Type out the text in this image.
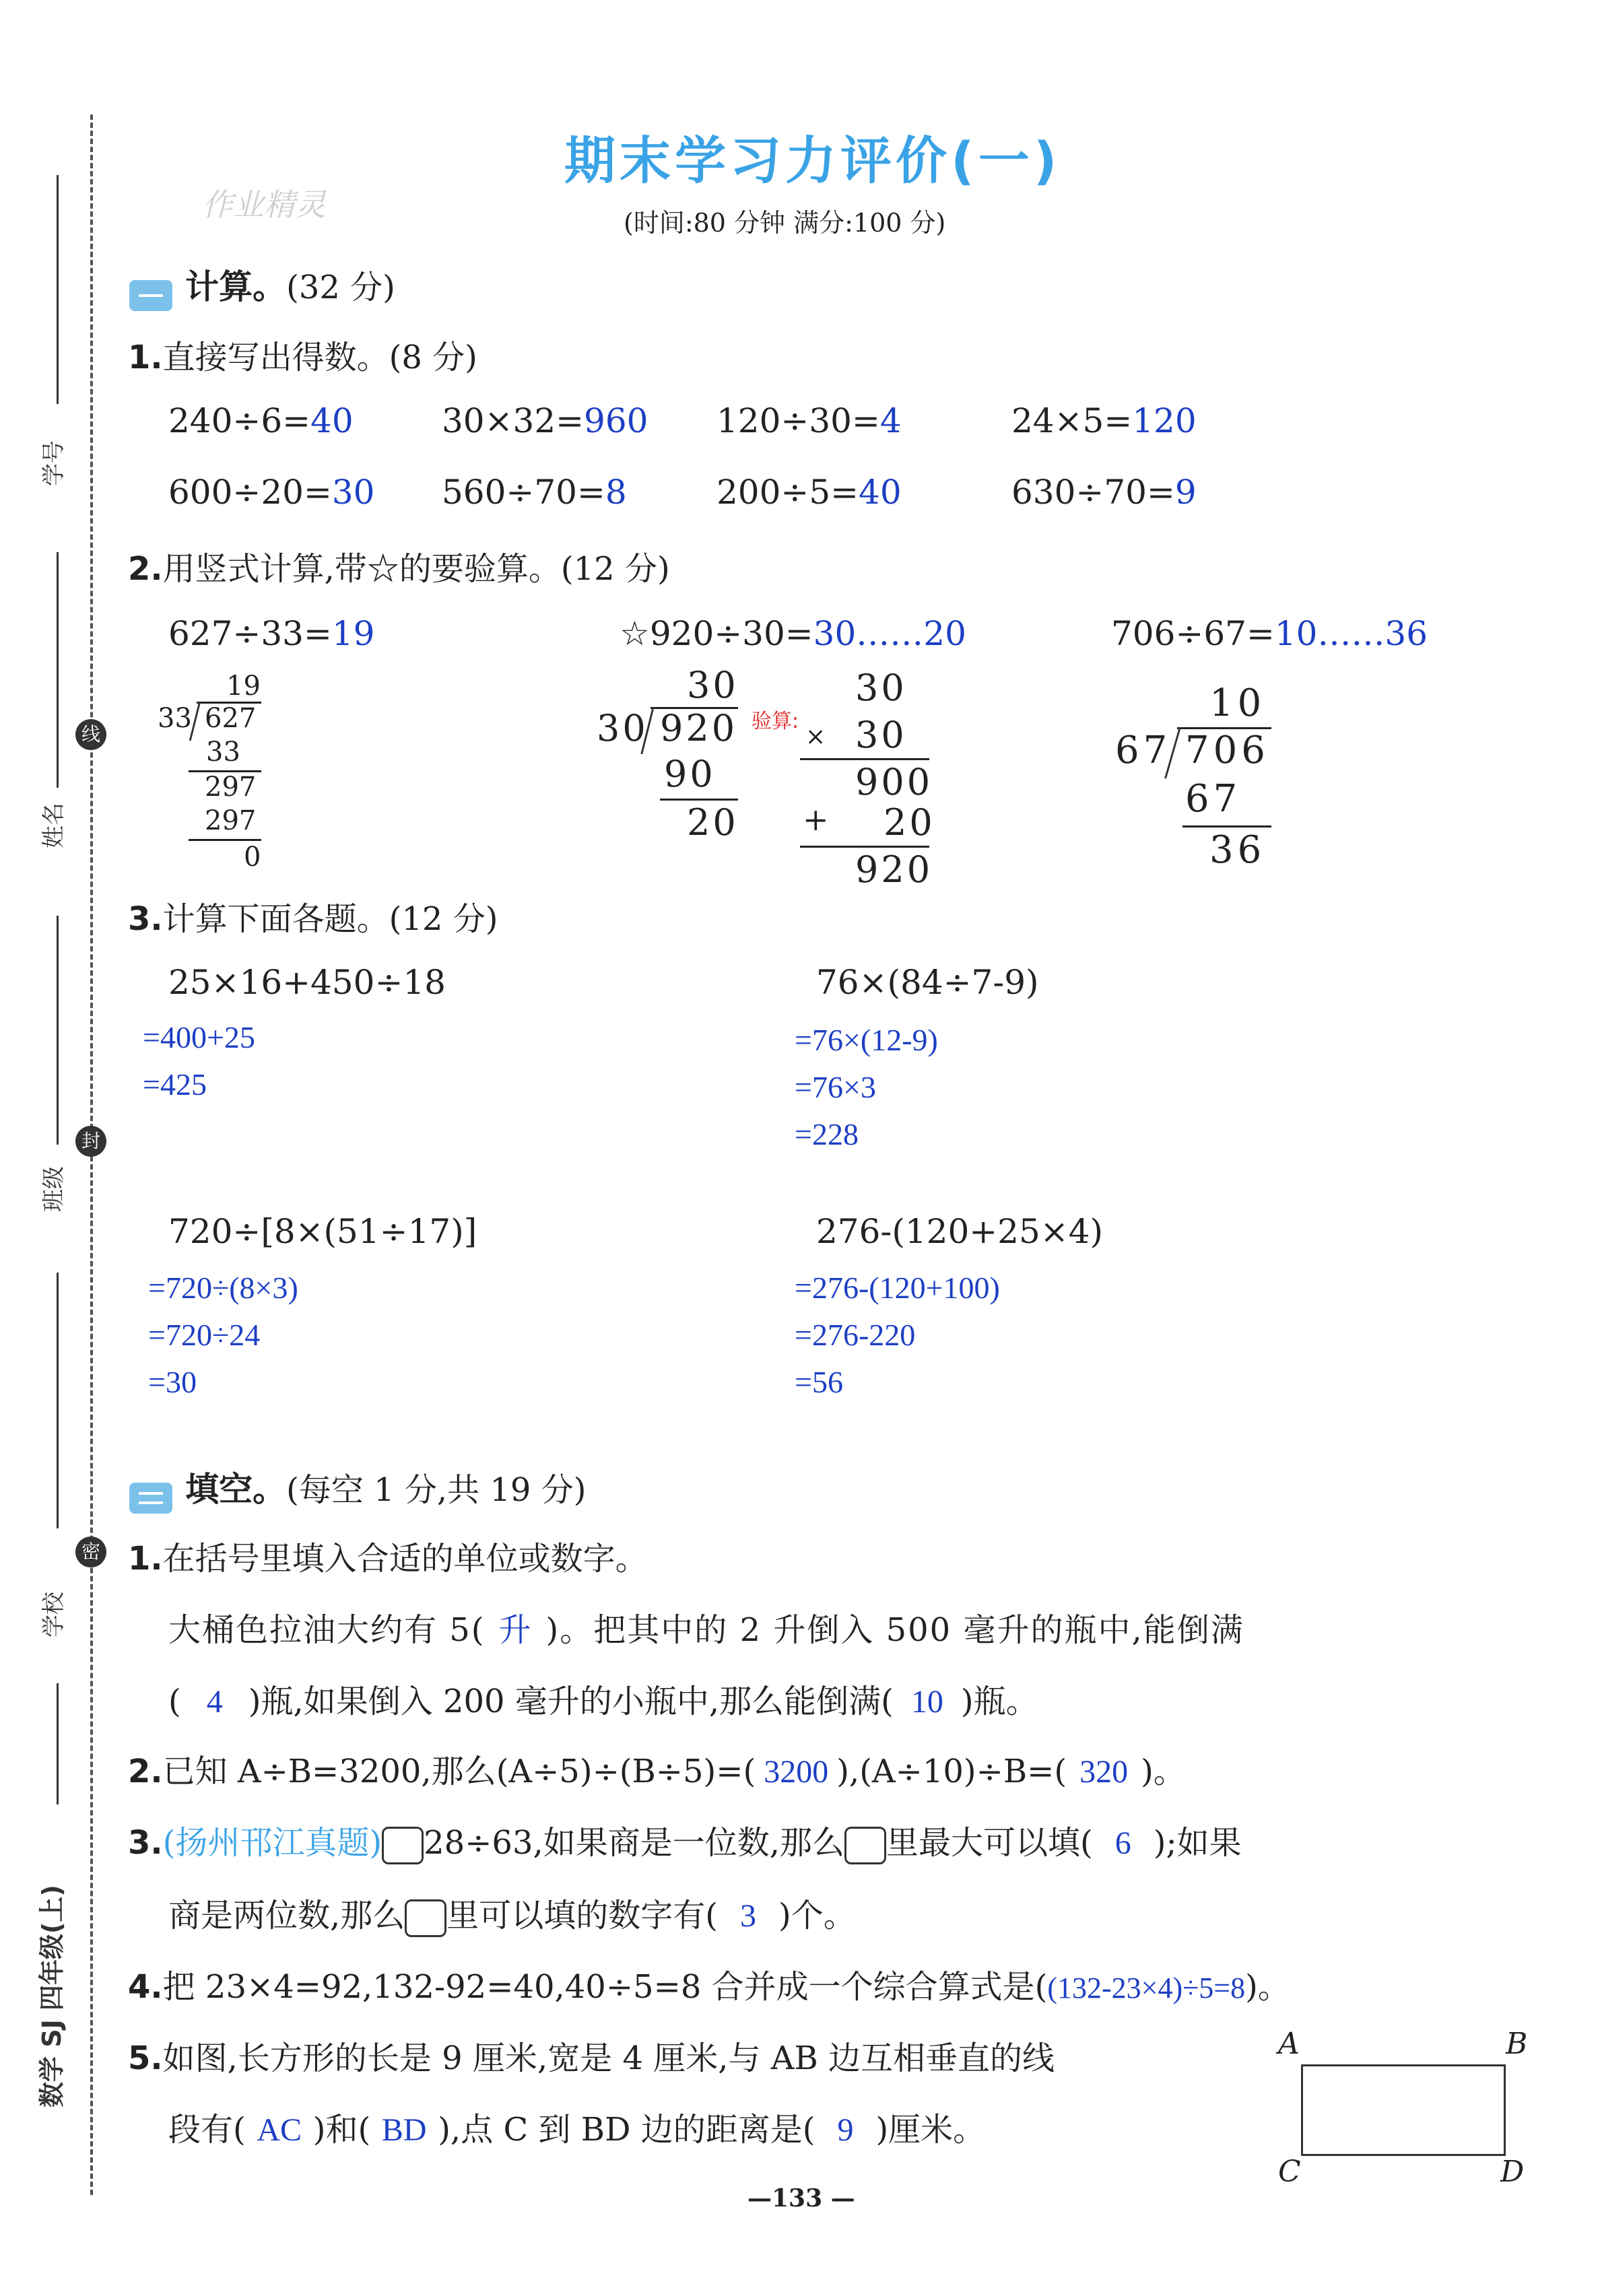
学号
线
姓名
封
班级
密
学校
数学 SJ 四年级(上)
期末学习力评价(一)
(时间:80 分钟 满分:100 分)
作业精灵
计算。(32 分)
1.直接写出得数。(8 分)
240÷6=40	30×32=960 120÷30=4	24×5=120
600÷20=30 560÷70=8	200÷5=40	630÷70=9
2.用竖式计算,带☆的要验算。(12 分)
627÷33=19	☆920÷30=30……20	706÷67=10……36
19
33 627
33
297
297
0
30
30 920
90
20
验算:
30
× 30
900
+ 20
920
10
67 706
67
36
3.计算下面各题。(12 分)
25×16+450÷18
=400+25
=425
76×(84÷7-9)
=76×(12-9)
=76×3
=228
720÷[8×(51÷17)]
=720÷(8×3)
=720÷24
=30
276-(120+25×4)
=276-(120+100)
=276-220
=56
填空。(每空 1 分,共 19 分)
1.在括号里填入合适的单位或数字。
大桶色拉油大约有 5( 升 )。把其中的 2 升倒入 500 毫升的瓶中,能倒满
( 4 )瓶,如果倒入 200 毫升的小瓶中,那么能倒满( 10 )瓶。
2.已知 A÷B=3200,那么(A÷5)÷(B÷5)=( 3200 ),(A÷10)÷B=( 320 )。
3.(扬州邗江真题) 28÷63,如果商是一位数,那么 里最大可以填( 6 );如果
商是两位数,那么 里可以填的数字有( 3 )个。
4.把 23×4=92,132-92=40,40÷5=8 合并成一个综合算式是((132-23×4)÷5=8)。
5.如图,长方形的长是 9 厘米,宽是 4 厘米,与 AB 边互相垂直的线
段有( AC )和( BD ),点 C 到 BD 边的距离是( 9 )厘米。
A	B
C	D
—133 —
